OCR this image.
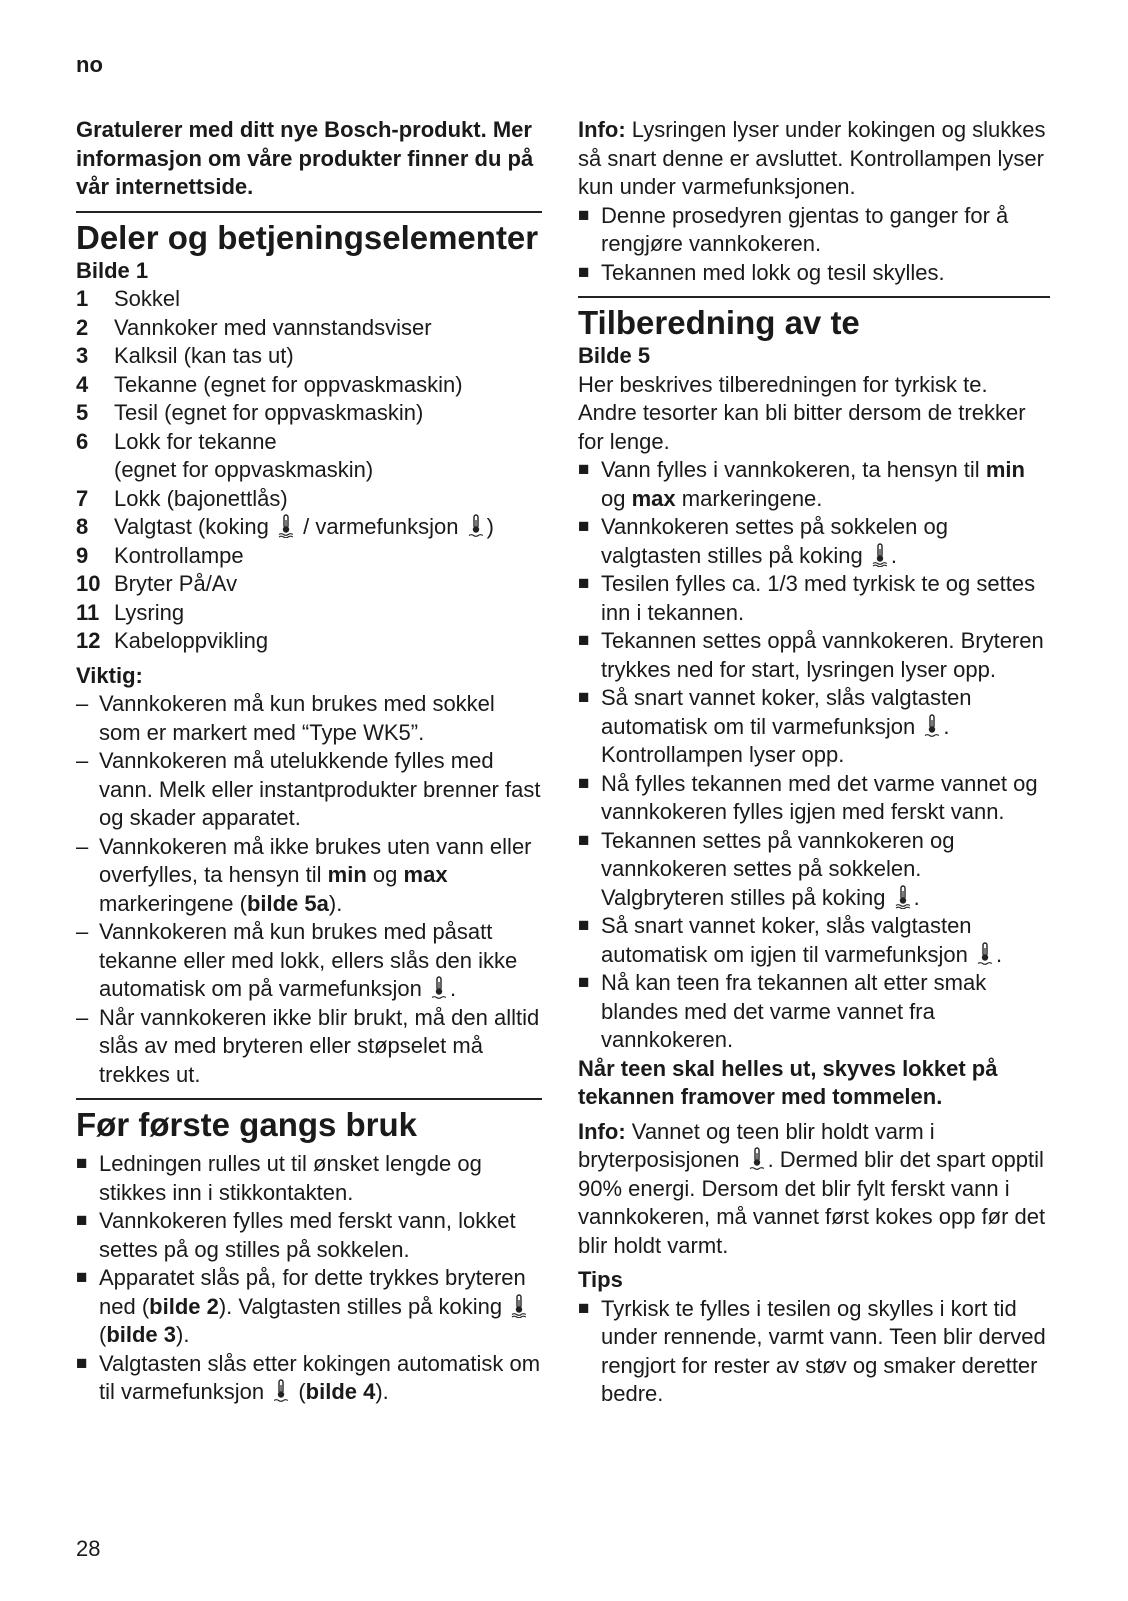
no

Gratulerer med ditt nye Bosch-produkt. Mer informasjon om våre produkter finner du på vår internettside.

Deler og betjeningselementer

Bilde 1

1	Sokkel
2	Vannkoker med vannstandsviser
3	Kalksil (kan tas ut)
4	Tekanne (egnet for oppvaskmaskin)
5	Tesil (egnet for oppvaskmaskin)
6	Lokk for tekanne
(egnet for oppvaskmaskin)
7	Lokk (bajonettlås)
8	Valgtast (koking / varmefunksjon )
9	Kontrollampe
10 Bryter På/Av
11 Lysring
12 Kabeloppvikling

Viktig:

– Vannkokeren må kun brukes med sokkel som er markert med “Type WK5”.
– Vannkokeren må utelukkende fylles med vann. Melk eller instantprodukter brenner fast og skader apparatet.
– Vannkokeren må ikke brukes uten vann eller overfylles, ta hensyn til min og max markeringene (bilde 5a).
– Vannkokeren må kun brukes med påsatt tekanne eller med lokk, ellers slås den ikke automatisk om på varmefunksjon .
– Når vannkokeren ikke blir brukt, må den alltid slås av med bryteren eller støpselet må trekkes ut.
Før første gangs bruk
■ Ledningen rulles ut til ønsket lengde og stikkes inn i stikkontakten.
■ Vannkokeren fylles med ferskt vann, lokket settes på og stilles på sokkelen.
■ Apparatet slås på, for dette trykkes bryteren ned (bilde 2). Valgtasten stilles på koking  (bilde 3).
■ Valgtasten slås etter kokingen automatisk om til varmefunksjon (bilde 4).

Info: Lysringen lyser under kokingen og slukkes så snart denne er avsluttet. Kontrollampen lyser kun under varmefunksjonen.

■ Denne prosedyren gjentas to ganger for å rengjøre vannkokeren.
■ Tekannen med lokk og tesil skylles.
Tilberedning av te

Bilde 5

Her beskrives tilberedningen for tyrkisk te. Andre tesorter kan bli bitter dersom de trekker for lenge.

■ Vann fylles i vannkokeren, ta hensyn til min og max markeringene.
■ Vannkokeren settes på sokkelen og valgtasten stilles på koking .
■ Tesilen fylles ca. 1/3 med tyrkisk te og settes inn i tekannen.
■ Tekannen settes oppå vannkokeren. Bryteren trykkes ned for start, lysringen lyser opp.
■ Så snart vannet koker, slås valgtasten automatisk om til varmefunksjon . Kontrollampen lyser opp.
■ Nå fylles tekannen med det varme vannet og vannkokeren fylles igjen med ferskt vann.
■ Tekannen settes på vannkokeren og vannkokeren settes på sokkelen. Valgbryteren stilles på koking .
■ Så snart vannet koker, slås valgtasten automatisk om igjen til varmefunksjon .
■ Nå kan teen fra tekannen alt etter smak blandes med det varme vannet fra vannkokeren.

Når teen skal helles ut, skyves lokket på tekannen framover med tommelen.

Info: Vannet og teen blir holdt varm i bryterposisjonen . Dermed blir det spart opptil 90% energi. Dersom det blir fylt ferskt vann i vannkokeren, må vannet først kokes opp før det blir holdt varmt.

Tips

■ Tyrkisk te fylles i tesilen og skylles i kort tid under rennende, varmt vann. Teen blir derved rengjort for rester av støv og smaker deretter bedre.
28
